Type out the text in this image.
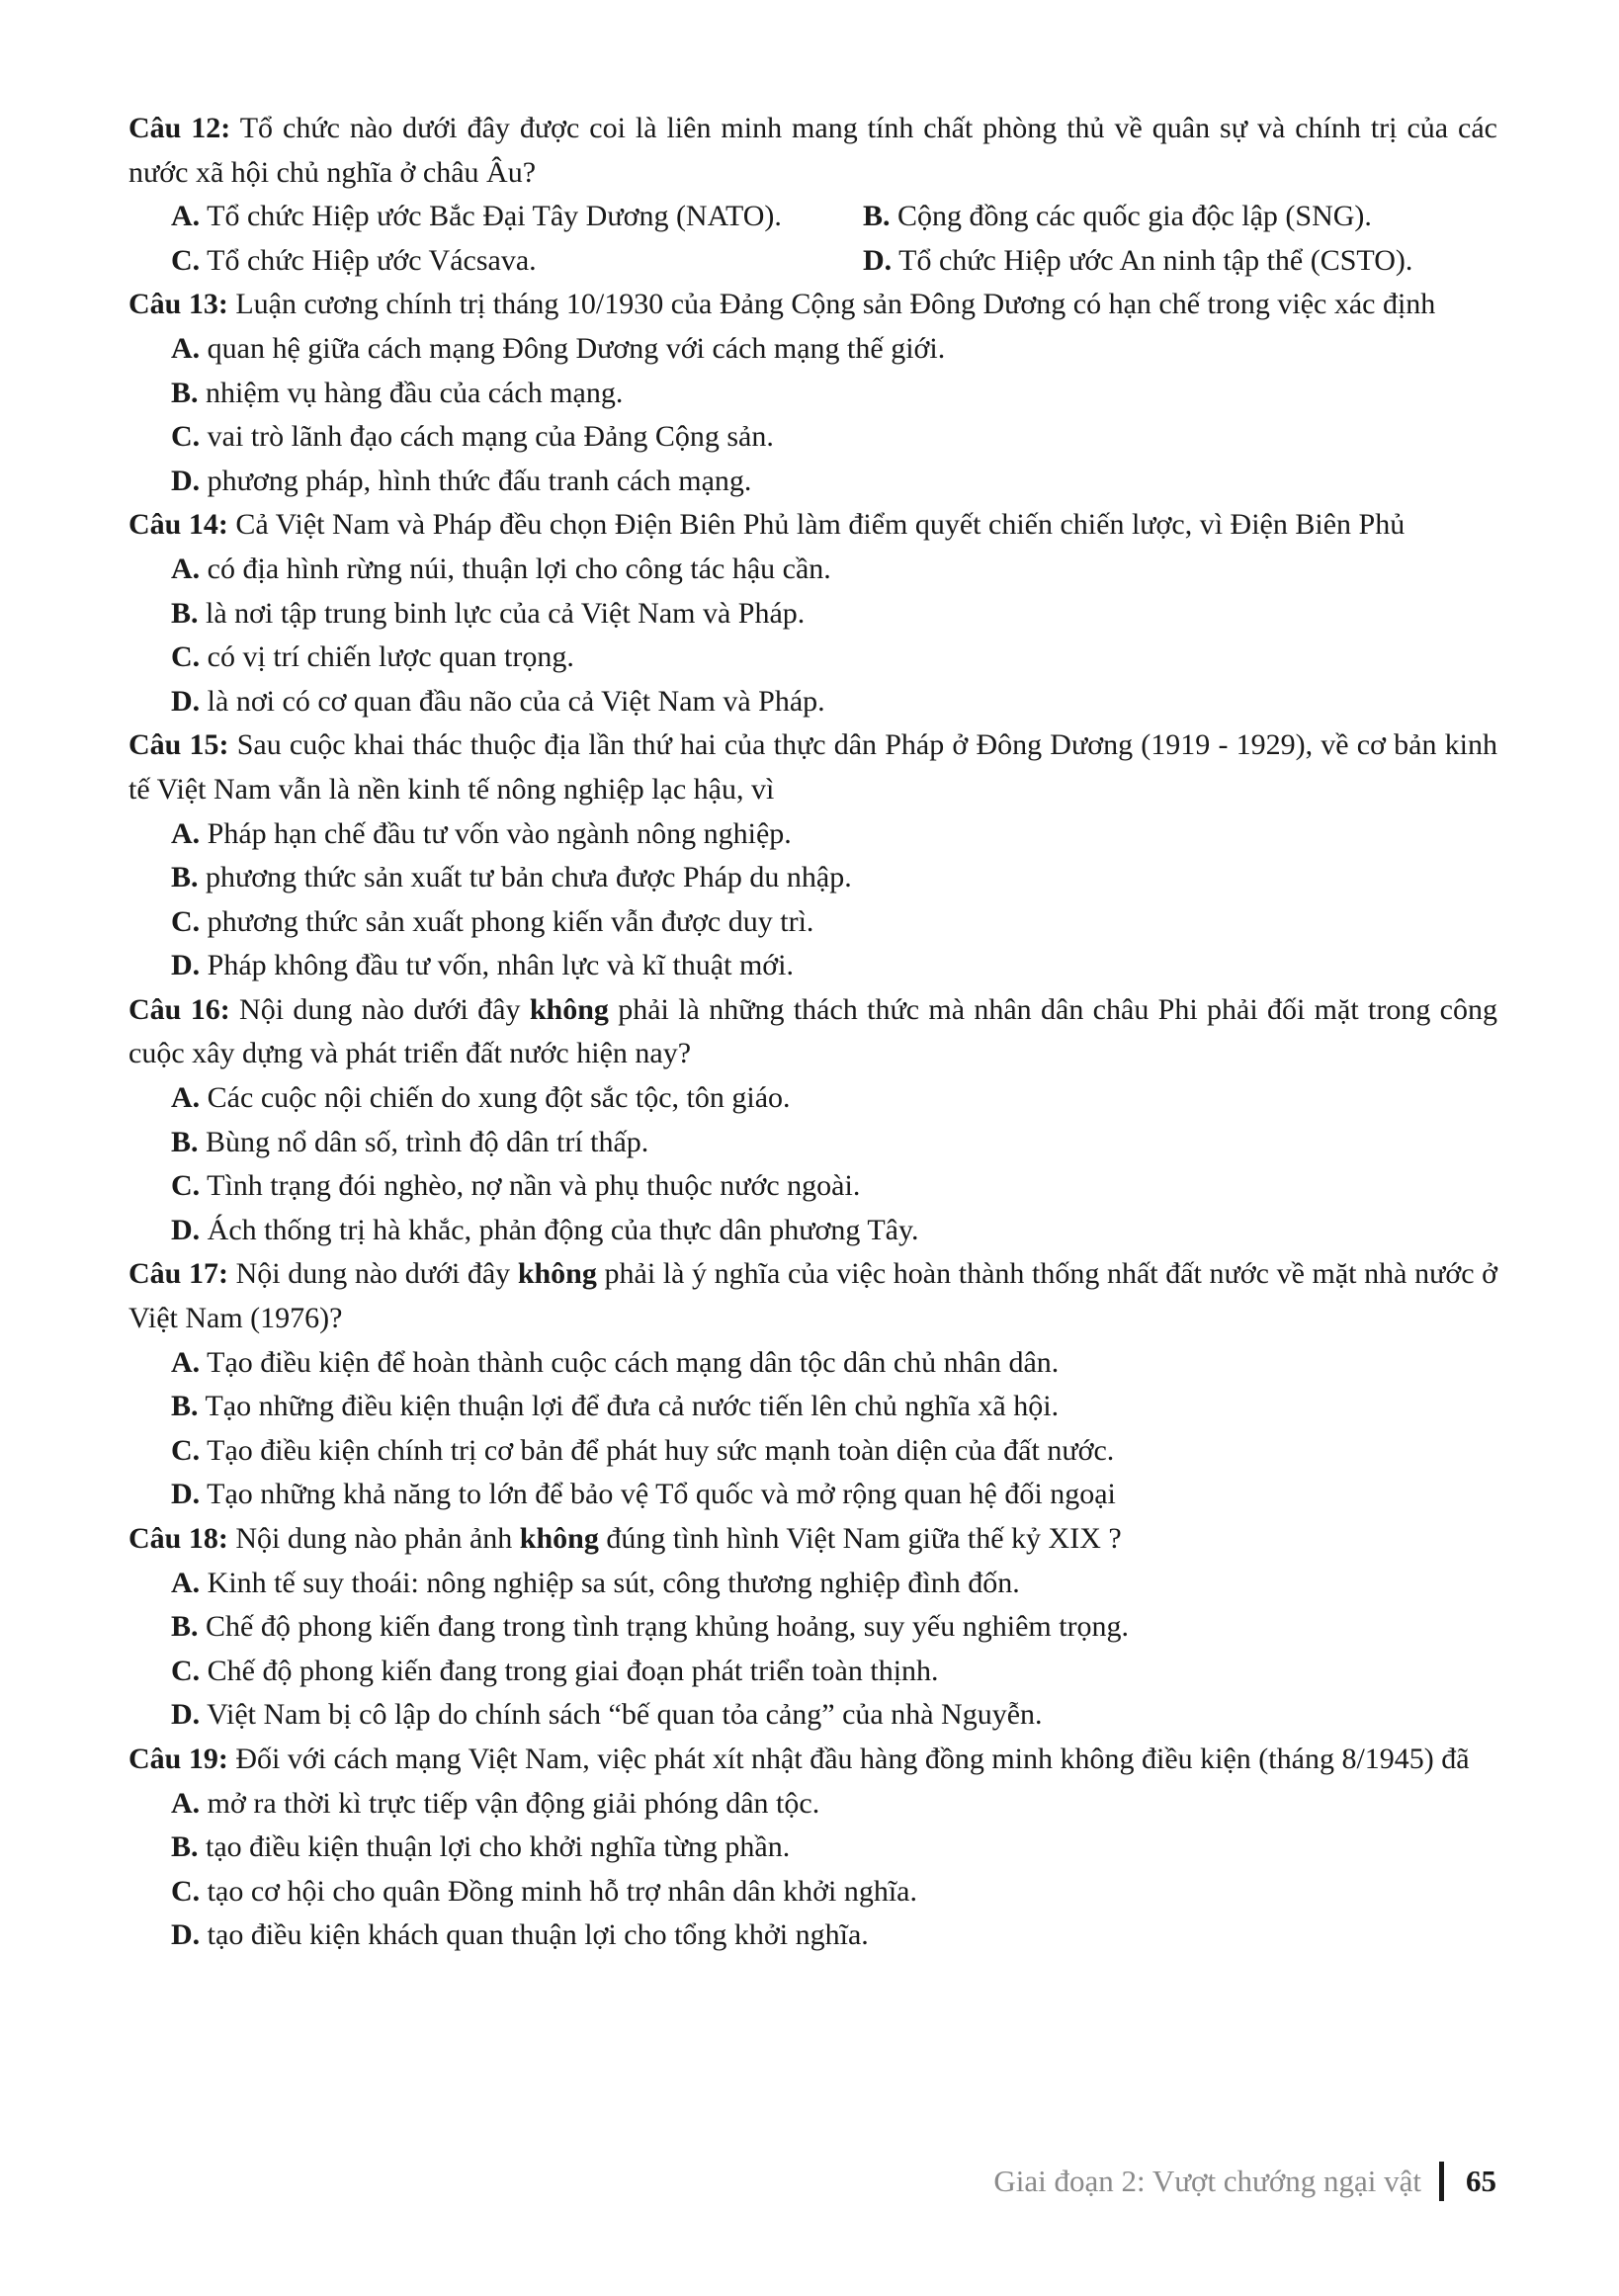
Câu 12: Tổ chức nào dưới đây được coi là liên minh mang tính chất phòng thủ về quân sự và chính trị của các nước xã hội chủ nghĩa ở châu Âu?

A. Tổ chức Hiệp ước Bắc Đại Tây Dương (NATO).	B. Cộng đồng các quốc gia độc lập (SNG).

C. Tổ chức Hiệp ước Vácsava.	D. Tổ chức Hiệp ước An ninh tập thể (CSTO).

Câu 13: Luận cương chính trị tháng 10/1930 của Đảng Cộng sản Đông Dương có hạn chế trong việc xác định

A. quan hệ giữa cách mạng Đông Dương với cách mạng thế giới.

B. nhiệm vụ hàng đầu của cách mạng.

C. vai trò lãnh đạo cách mạng của Đảng Cộng sản.

D. phương pháp, hình thức đấu tranh cách mạng.

Câu 14: Cả Việt Nam và Pháp đều chọn Điện Biên Phủ làm điểm quyết chiến chiến lược, vì Điện Biên Phủ

A. có địa hình rừng núi, thuận lợi cho công tác hậu cần.

B. là nơi tập trung binh lực của cả Việt Nam và Pháp.

C. có vị trí chiến lược quan trọng.

D. là nơi có cơ quan đầu não của cả Việt Nam và Pháp.

Câu 15: Sau cuộc khai thác thuộc địa lần thứ hai của thực dân Pháp ở Đông Dương (1919 - 1929), về cơ bản kinh tế Việt Nam vẫn là nền kinh tế nông nghiệp lạc hậu, vì

A. Pháp hạn chế đầu tư vốn vào ngành nông nghiệp.

B. phương thức sản xuất tư bản chưa được Pháp du nhập.

C. phương thức sản xuất phong kiến vẫn được duy trì.

D. Pháp không đầu tư vốn, nhân lực và kĩ thuật mới.

Câu 16: Nội dung nào dưới đây không phải là những thách thức mà nhân dân châu Phi phải đối mặt trong công cuộc xây dựng và phát triển đất nước hiện nay?

A. Các cuộc nội chiến do xung đột sắc tộc, tôn giáo.

B. Bùng nổ dân số, trình độ dân trí thấp.

C. Tình trạng đói nghèo, nợ nần và phụ thuộc nước ngoài.

D. Ách thống trị hà khắc, phản động của thực dân phương Tây.

Câu 17: Nội dung nào dưới đây không phải là ý nghĩa của việc hoàn thành thống nhất đất nước về mặt nhà nước ở Việt Nam (1976)?

A. Tạo điều kiện để hoàn thành cuộc cách mạng dân tộc dân chủ nhân dân.

B. Tạo những điều kiện thuận lợi để đưa cả nước tiến lên chủ nghĩa xã hội.

C. Tạo điều kiện chính trị cơ bản để phát huy sức mạnh toàn diện của đất nước.

D. Tạo những khả năng to lớn để bảo vệ Tổ quốc và mở rộng quan hệ đối ngoại

Câu 18: Nội dung nào phản ảnh không đúng tình hình Việt Nam giữa thế kỷ XIX ?

A. Kinh tế suy thoái: nông nghiệp sa sút, công thương nghiệp đình đốn.

B. Chế độ phong kiến đang trong tình trạng khủng hoảng, suy yếu nghiêm trọng.

C. Chế độ phong kiến đang trong giai đoạn phát triển toàn thịnh.

D. Việt Nam bị cô lập do chính sách “bế quan tỏa cảng” của nhà Nguyễn.

Câu 19: Đối với cách mạng Việt Nam, việc phát xít nhật đầu hàng đồng minh không điều kiện (tháng 8/1945) đã

A. mở ra thời kì trực tiếp vận động giải phóng dân tộc.

B. tạo điều kiện thuận lợi cho khởi nghĩa từng phần.

C. tạo cơ hội cho quân Đồng minh hỗ trợ nhân dân khởi nghĩa.

D. tạo điều kiện khách quan thuận lợi cho tổng khởi nghĩa.

Giai đoạn 2: Vượt chướng ngại vật 65
